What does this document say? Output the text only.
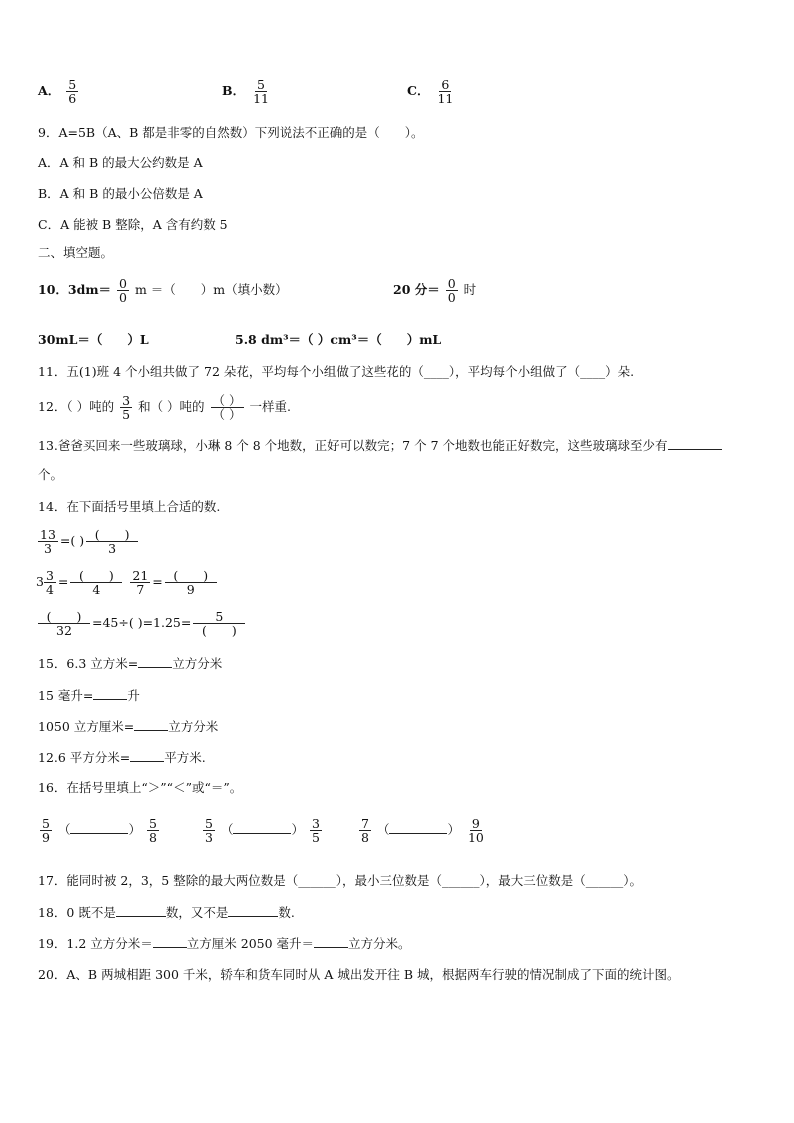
A． $\frac{5}{6}$	B． $\frac{5}{11}$	C． $\frac{6}{11}$
9．A=5B（A、B 都是非零的自然数）下列说法不正确的是（　　）。
A．A 和 B 的最大公约数是 A
B．A 和 B 的最小公倍数是 A
C．A 能被 B 整除，A 含有约数 5
二、填空题。
10．$3dm= \frac{0}{0}$ m ＝（　　）m（填小数）	20 分＝ $\frac{0}{0}$ 时
30mL＝（　　）L	5.8 dm³＝（ ）cm³＝（　　）mL
11．五(1)班 4 个小组共做了 72 朵花，平均每个小组做了这些花的（____），平均每个小组做了（____）朵.
12．（ ）吨的 $\frac{3}{5}$ 和（ ）吨的 $\frac{( )}{( )}$ 一样重.
13.爸爸买回来一些玻璃球，小琳 8 个 8 个地数，正好可以数完；7 个 7 个地数也能正好数完，这些玻璃球至少有
个。
14．在下面括号里填上合适的数.
$\frac{13}{3}$ =( ) $\frac{( )}{3}$
$3 \frac{3}{4} = \frac{( )}{4}$
$\frac{21}{7} = \frac{( )}{9}$
$\frac{( )}{32} =45\div$( )$=1.25= \frac{5}{( )}$
15．6.3 立方米=	立方分米
15 毫升=	升
1050 立方厘米=	立方分米
12.6 平方分米=	平方米.
16．在括号里填上“＞”“＜”或“＝”。
$\frac{5}{9}$ （	） $\frac{5}{8}$	$\frac{5}{3}$ （	） $\frac{3}{5}$	$\frac{7}{8}$ （	） $\frac{9}{10}$
17．能同时被 2，3，5 整除的最大两位数是（______），最小三位数是（______），最大三位数是（______）。
18．0 既不是	数，又不是	数.
19．1.2 立方分米＝	立方厘米 2050 毫升＝	立方分米。
20．A、B 两城相距 300 千米，轿车和货车同时从 A 城出发开往 B 城，根据两车行驶的情况制成了下面的统计图。
